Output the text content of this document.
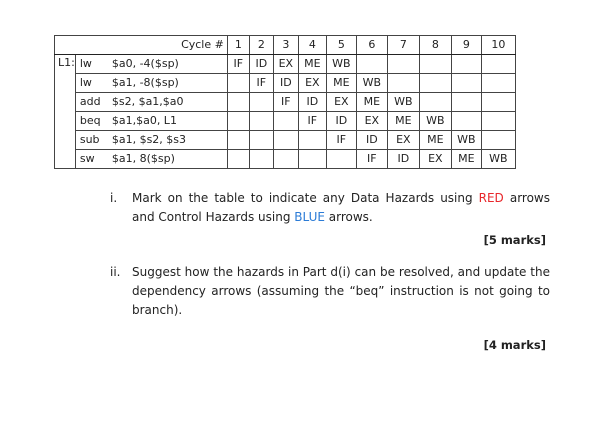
Cycle #		1	2	3	4	5	6	7	8	9	10
L1:	lw $a0, -4($sp)	IF	ID	EX	ME	WB					
	lw $a1, -8($sp)		IF	ID	EX	ME	WB				
	add $s2, $a1,$a0			IF	ID	EX	ME	WB			
	beq $a1,$a0, L1				IF	ID	EX	ME	WB		
	sub $a1, $s2, $s3					IF	ID	EX	ME	WB	
	sw $a1, 8($sp)						IF	ID	EX	ME	WB
i. Mark on the table to indicate any Data Hazards using RED arrows and Control Hazards using BLUE arrows.
[5 marks]
ii. Suggest how the hazards in Part d(i) can be resolved, and update the dependency arrows (assuming the “beq” instruction is not going to branch).
[4 marks]
